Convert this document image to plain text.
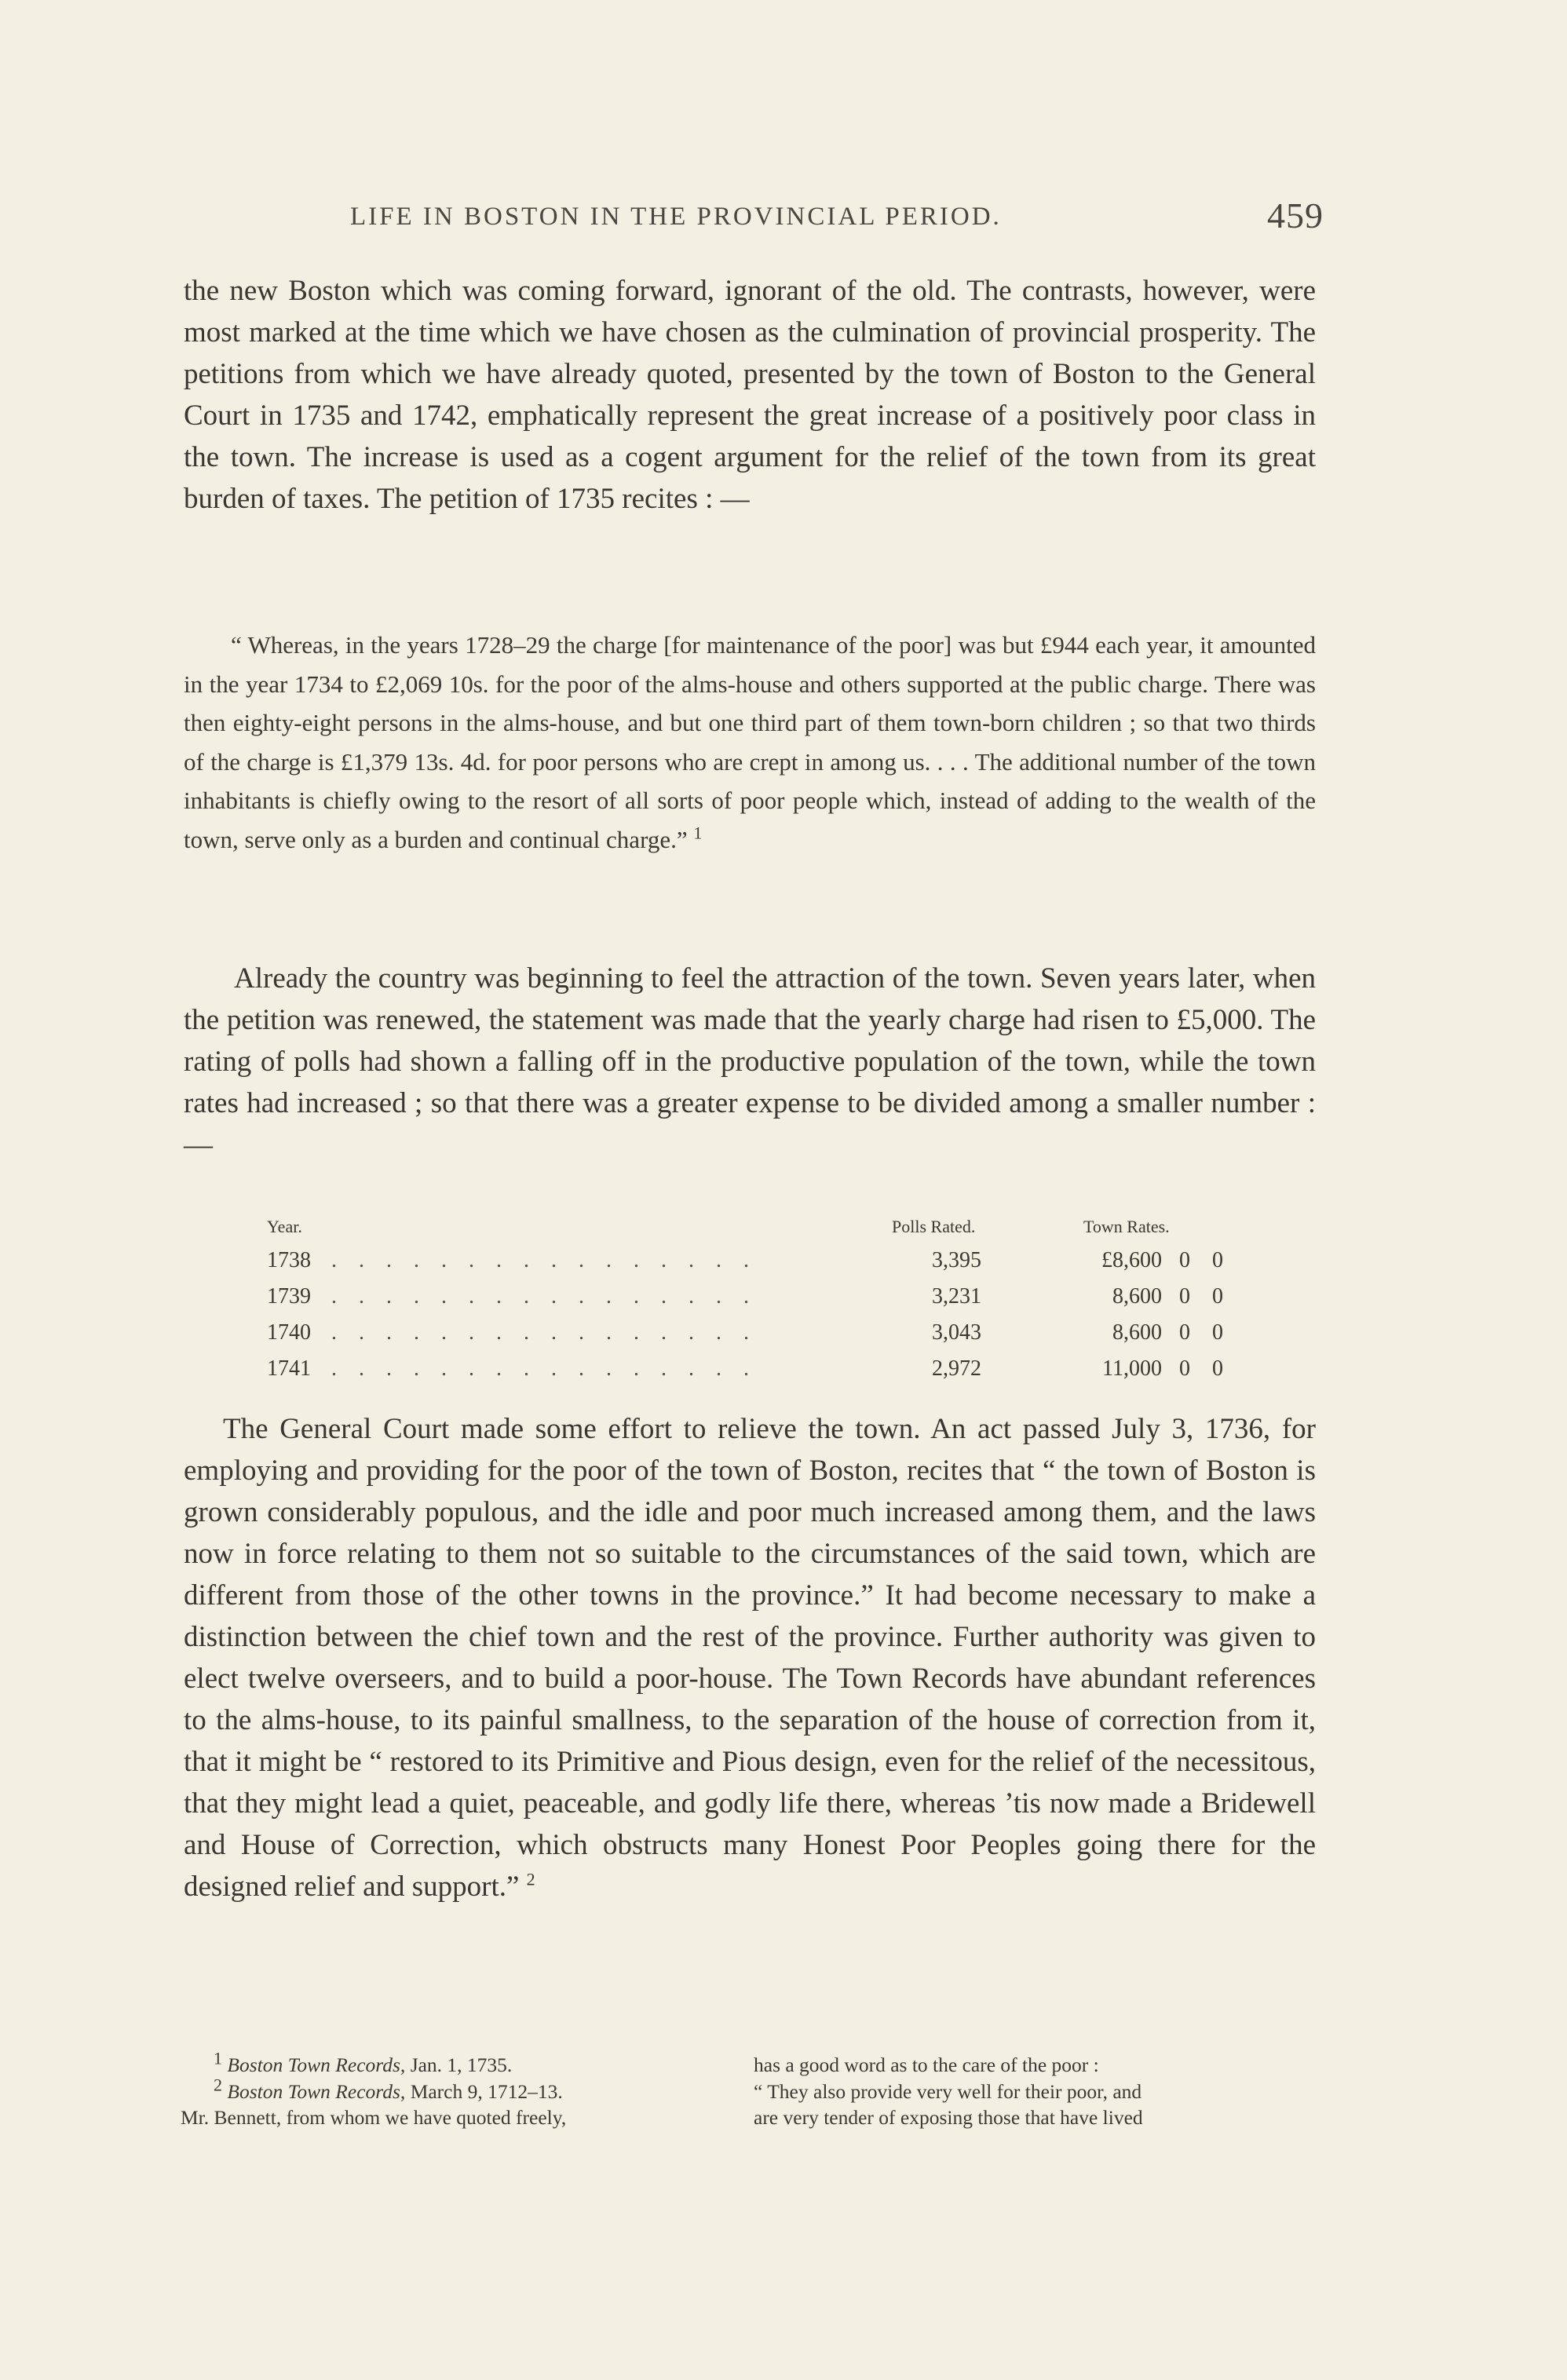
LIFE IN BOSTON IN THE PROVINCIAL PERIOD.	459

the new Boston which was coming forward, ignorant of the old. The contrasts, however, were most marked at the time which we have chosen as the culmination of provincial prosperity. The petitions from which we have already quoted, presented by the town of Boston to the General Court in 1735 and 1742, emphatically represent the great increase of a positively poor class in the town. The increase is used as a cogent argument for the relief of the town from its great burden of taxes. The petition of 1735 recites : —

“ Whereas, in the years 1728–29 the charge [for maintenance of the poor] was but £944 each year, it amounted in the year 1734 to £2,069 10s. for the poor of the alms-house and others supported at the public charge. There was then eighty-eight persons in the alms-house, and but one third part of them town-born children ; so that two thirds of the charge is £1,379 13s. 4d. for poor persons who are crept in among us. . . . The additional number of the town inhabitants is chiefly owing to the resort of all sorts of poor people which, instead of adding to the wealth of the town, serve only as a burden and continual charge.” $^1$

Already the country was beginning to feel the attraction of the town. Seven years later, when the petition was renewed, the statement was made that the yearly charge had risen to £5,000. The rating of polls had shown a falling off in the productive population of the town, while the town rates had increased ; so that there was a greater expense to be divided among a smaller number : —

Year.	Polls Rated.	Town Rates.
1738 . . . . . . . . . . . . . . . .	3,395	£8,600 0 0
1739 . . . . . . . . . . . . . . . .	3,231	8,600 0 0
1740 . . . . . . . . . . . . . . . .	3,043	8,600 0 0
1741 . . . . . . . . . . . . . . . .	2,972	11,000 0 0

The General Court made some effort to relieve the town. An act passed July 3, 1736, for employing and providing for the poor of the town of Boston, recites that “ the town of Boston is grown considerably populous, and the idle and poor much increased among them, and the laws now in force relating to them not so suitable to the circumstances of the said town, which are different from those of the other towns in the province.” It had become necessary to make a distinction between the chief town and the rest of the province. Further authority was given to elect twelve overseers, and to build a poor-house. The Town Records have abundant references to the alms-house, to its painful smallness, to the separation of the house of correction from it, that it might be “ restored to its Primitive and Pious design, even for the relief of the necessitous, that they might lead a quiet, peaceable, and godly life there, whereas ’tis now made a Bridewell and House of Correction, which obstructs many Honest Poor Peoples going there for the designed relief and support.” $^2$

1 Boston Town Records, Jan. 1, 1735.
2 Boston Town Records, March 9, 1712–13.
Mr. Bennett, from whom we have quoted freely,
has a good word as to the care of the poor :
“ They also provide very well for their poor, and
are very tender of exposing those that have lived
